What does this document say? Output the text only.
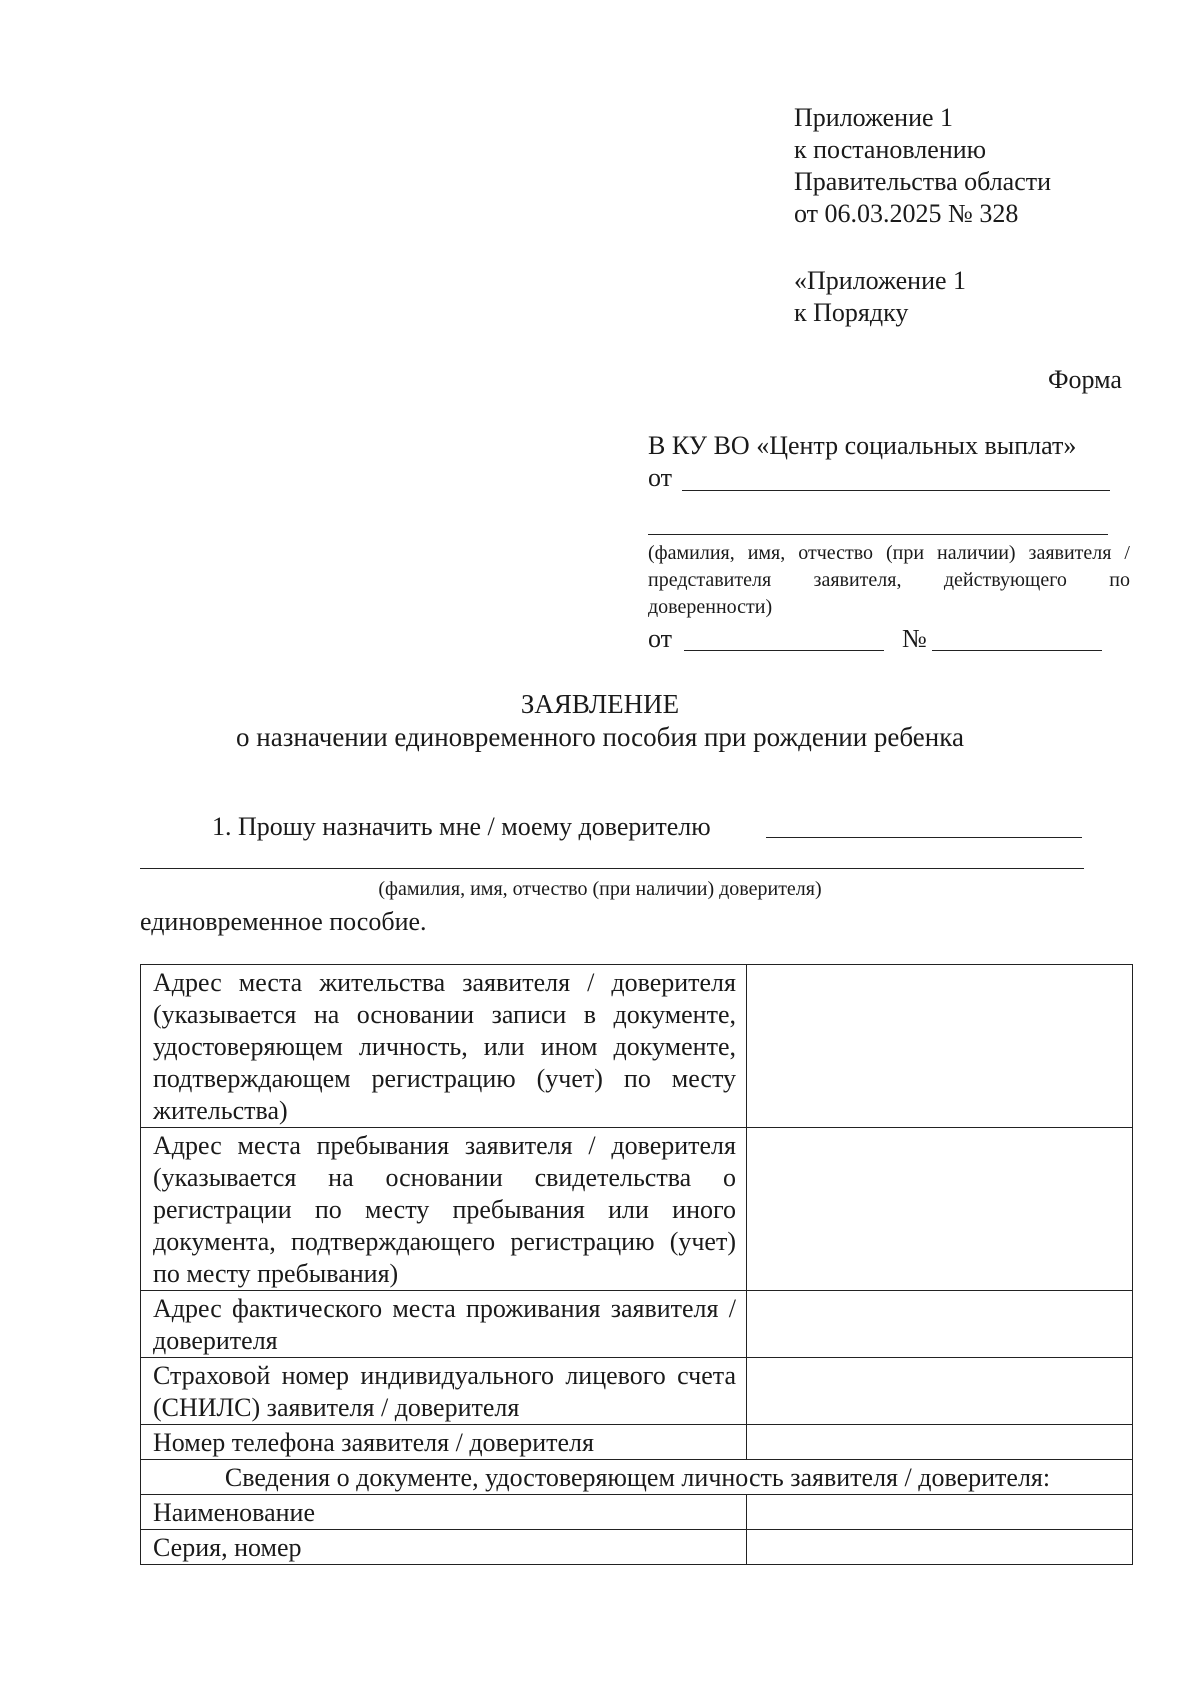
Приложение 1
к постановлению
Правительства области
от 06.03.2025 № 328
«Приложение 1
к Порядку
Форма
В КУ ВО «Центр социальных выплат»
от
(фамилия, имя, отчество (при наличии) заявителя / представителя заявителя, действующего по доверенности)
от	№
ЗАЯВЛЕНИЕ
о назначении единовременного пособия при рождении ребенка
1. Прошу назначить мне / моему доверителю
(фамилия, имя, отчество (при наличии) доверителя)
единовременное пособие.
Адрес места жительства заявителя / доверителя (указывается на основании записи в документе, удостоверяющем личность, или ином документе, подтверждающем регистрацию (учет) по месту жительства)	
Адрес места пребывания заявителя / доверителя (указывается на основании свидетельства о регистрации по месту пребывания или иного документа, подтверждающего регистрацию (учет) по месту пребывания)	
Адрес фактического места проживания заявителя / доверителя	
Страховой номер индивидуального лицевого счета (СНИЛС) заявителя / доверителя	
Номер телефона заявителя / доверителя	
Сведения о документе, удостоверяющем личность заявителя / доверителя:	
Наименование	
Серия, номер	
